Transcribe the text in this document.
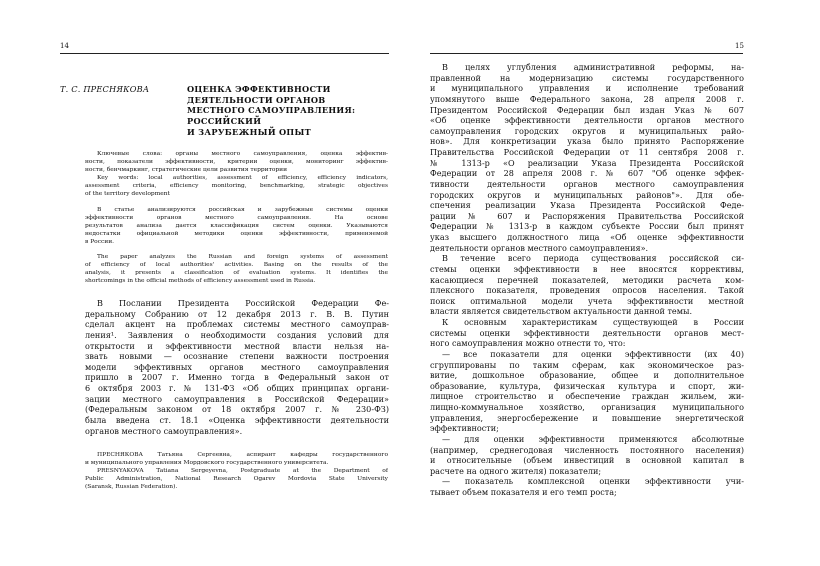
14
Т. С. ПРЕСНЯКОВА	ОЦЕНКА ЭФФЕКТИВНОСТИ
ДЕЯТЕЛЬНОСТИ ОРГАНОВ
МЕСТНОГО САМОУПРАВЛЕНИЯ:
РОССИЙСКИЙ
И ЗАРУБЕЖНЫЙ ОПЫТ
Ключевые слова: органы местного самоуправления, оценка эффектив-
ности, показатели эффективности, критерии оценки, мониторинг эффектив-
ности, бенчмаркинг, стратегические цели развития территории
Key words: local authorities, assessment of efficiency, efficiency indicators,
assessment criteria, efficiency monitoring, benchmarking, strategic objectives
of the territory development
В статье анализируются российская и зарубежные системы оценки
эффективности органов местного самоуправления. На основе
результатов анализа дается классификация систем оценки. Указываются
недостатки официальной методики оценки эффективности, применяемой
в России.
The paper analyzes the Russian and foreign systems of assessment
of efficiency of local authorities' activities. Basing on the results of the
analysis, it presents a classification of evaluation systems. It identifies the
shortcomings in the official methods of efficiency assessment used in Russia.
В Послании Президента Российской Федерации Фе-
деральному Собранию от 12 декабря 2013 г. В. В. Путин
сделал акцент на проблемах системы местного самоуправ-
ления¹. Заявления о необходимости создания условий для
открытости и эффективности местной власти нельзя на-
звать новыми — осознание степени важности построения
модели эффективных органов местного самоуправления
пришло в 2007 г. Именно тогда в Федеральный закон от
6 октября 2003 г. № 131-ФЗ «Об общих принципах органи-
зации местного самоуправления в Российской Федерации»
(Федеральным законом от 18 октября 2007 г. № 230-ФЗ)
была введена ст. 18.1 «Оценка эффективности деятельности
органов местного самоуправления».
ПРЕСНЯКОВА Татьяна Сергеевна, аспирант кафедры государственного
и муниципального управления Мордовского государственного университета.
PRESNYAKOVA Tatiana Sergeyevna, Postgraduate at the Department of
Public Administration, National Research Ogarev Mordovia State University
(Saransk, Russian Federation).
15
В целях углубления административной реформы, на-
правленной на модернизацию системы государственного
и муниципального управления и исполнение требований
упомянутого выше Федерального закона, 28 апреля 2008 г.
Президентом Российской Федерации был издан Указ № 607
«Об оценке эффективности деятельности органов местного
самоуправления городских округов и муниципальных райо-
нов». Для конкретизации указа было принято Распоряжение
Правительства Российской Федерации от 11 сентября 2008 г.
№ 1313-р «О реализации Указа Президента Российской
Федерации от 28 апреля 2008 г. № 607 "Об оценке эффек-
тивности деятельности органов местного самоуправления
городских округов и муниципальных районов"». Для обе-
спечения реализации Указа Президента Российской Феде-
рации № 607 и Распоряжения Правительства Российской
Федерации № 1313-р в каждом субъекте России был принят
указ высшего должностного лица «Об оценке эффективности
деятельности органов местного самоуправления».
В течение всего периода существования российской си-
стемы оценки эффективности в нее вносятся коррективы,
касающиеся перечней показателей, методики расчета ком-
плексного показателя, проведения опросов населения. Такой
поиск оптимальной модели учета эффективности местной
власти является свидетельством актуальности данной темы.
К основным характеристикам существующей в России
системы оценки эффективности деятельности органов мест-
ного самоуправления можно отнести то, что:
— все показатели для оценки эффективности (их 40)
сгруппированы по таким сферам, как экономическое раз-
витие, дошкольное образование, общее и дополнительное
образование, культура, физическая культура и спорт, жи-
лищное строительство и обеспечение граждан жильем, жи-
лищно-коммунальное хозяйство, организация муниципального
управления, энергосбережение и повышение энергетической
эффективности;
— для оценки эффективности применяются абсолютные
(например, среднегодовая численность постоянного населения)
и относительные (объем инвестиций в основной капитал в
расчете на одного жителя) показатели;
— показатель комплексной оценки эффективности учи-
тывает объем показателя и его темп роста;
